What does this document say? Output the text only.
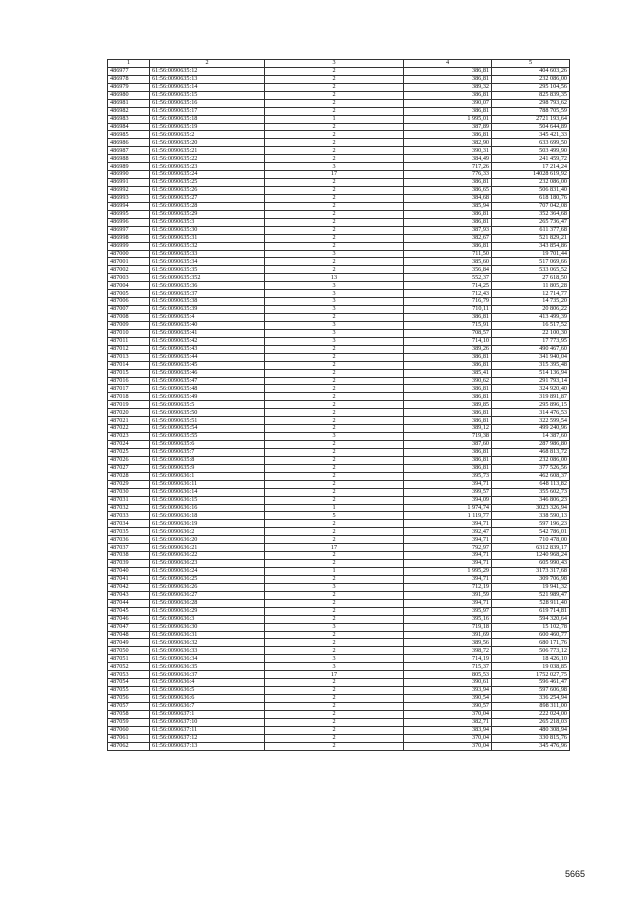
1	2	3	4	5
486977	61:56:0090635:12	2	386,81	404 603,26
486978	61:56:0090635:13	2	386,81	232 086,00
486979	61:56:0090635:14	2	389,32	295 104,56
486980	61:56:0090635:15	2	386,81	825 839,35
486981	61:56:0090635:16	2	390,07	298 793,62
486982	61:56:0090635:17	2	386,81	788 705,59
486983	61:56:0090635:18	1	1 995,01	2721 193,64
486984	61:56:0090635:19	2	387,89	504 644,89
486985	61:56:0090635:2	2	386,81	345 421,33
486986	61:56:0090635:20	2	382,90	633 699,50
486987	61:56:0090635:21	2	390,31	503 499,90
486988	61:56:0090635:22	2	384,49	241 459,72
486989	61:56:0090635:23	3	717,26	17 214,24
486990	61:56:0090635:24	17	776,33	14028 619,92
486991	61:56:0090635:25	2	386,81	232 086,00
486992	61:56:0090635:26	2	386,65	506 831,40
486993	61:56:0090635:27	2	384,68	618 180,76
486994	61:56:0090635:28	2	385,94	707 042,08
486995	61:56:0090635:29	2	386,81	352 364,68
486996	61:56:0090635:3	2	386,81	265 736,47
486997	61:56:0090635:30	2	387,93	611 377,68
486998	61:56:0090635:31	2	382,67	521 829,21
486999	61:56:0090635:32	2	386,81	343 854,86
487000	61:56:0090635:33	3	711,50	19 701,44
487001	61:56:0090635:34	2	385,60	517 069,66
487002	61:56:0090635:35	2	356,84	533 065,52
487003	61:56:0090635:352	13	552,37	27 618,50
487004	61:56:0090635:36	3	714,25	11 805,28
487005	61:56:0090635:37	3	712,43	12 714,77
487006	61:56:0090635:38	3	716,79	14 735,20
487007	61:56:0090635:39	3	710,11	20 806,22
487008	61:56:0090635:4	2	386,81	413 499,39
487009	61:56:0090635:40	3	715,91	16 517,52
487010	61:56:0090635:41	3	708,57	22 100,30
487011	61:56:0090635:42	3	714,10	17 773,95
487012	61:56:0090635:43	2	389,26	490 467,60
487013	61:56:0090635:44	2	386,81	341 940,04
487014	61:56:0090635:45	2	386,81	315 395,48
487015	61:56:0090635:46	2	385,41	514 136,94
487016	61:56:0090635:47	2	390,62	291 793,14
487017	61:56:0090635:48	2	386,81	324 920,40
487018	61:56:0090635:49	2	386,81	319 891,87
487019	61:56:0090635:5	2	389,85	295 896,15
487020	61:56:0090635:50	2	386,81	314 476,53
487021	61:56:0090635:51	2	386,81	322 599,54
487022	61:56:0090635:54	2	389,12	499 240,96
487023	61:56:0090635:55	3	719,38	14 387,60
487024	61:56:0090635:6	2	387,60	287 986,80
487025	61:56:0090635:7	2	386,81	468 813,72
487026	61:56:0090635:8	2	386,81	232 086,00
487027	61:56:0090635:9	2	386,81	377 526,56
487028	61:56:0090636:1	2	395,73	462 608,37
487029	61:56:0090636:11	2	394,71	648 113,82
487030	61:56:0090636:14	2	399,57	355 602,73
487031	61:56:0090636:15	2	394,09	346 806,23
487032	61:56:0090636:16	1	1 974,74	3023 326,94
487033	61:56:0090636:18	5	1 119,77	338 590,13
487034	61:56:0090636:19	2	394,71	597 196,23
487035	61:56:0090636:2	2	392,47	542 786,01
487036	61:56:0090636:20	2	394,71	710 478,00
487037	61:56:0090636:21	17	792,97	6312 839,17
487038	61:56:0090636:22	2	394,71	1240 968,24
487039	61:56:0090636:23	2	394,71	605 990,43
487040	61:56:0090636:24	1	1 995,29	3173 317,68
487041	61:56:0090636:25	2	394,71	309 706,98
487042	61:56:0090636:26	3	712,19	19 941,32
487043	61:56:0090636:27	2	391,59	521 989,47
487044	61:56:0090636:28	2	394,71	528 911,40
487045	61:56:0090636:29	2	395,97	619 714,81
487046	61:56:0090636:3	2	395,16	594 320,64
487047	61:56:0090636:30	3	719,18	15 102,78
487048	61:56:0090636:31	2	391,69	600 460,77
487049	61:56:0090636:32	2	389,56	680 171,76
487050	61:56:0090636:33	2	398,72	506 773,12
487051	61:56:0090636:34	3	714,19	18 426,10
487052	61:56:0090636:35	3	715,37	19 038,85
487053	61:56:0090636:37	17	805,53	1752 027,75
487054	61:56:0090636:4	2	390,61	596 461,47
487055	61:56:0090636:5	2	393,94	597 606,98
487056	61:56:0090636:6	2	390,54	336 254,94
487057	61:56:0090636:7	2	390,57	898 311,00
487058	61:56:0090637:1	2	370,04	222 024,00
487059	61:56:0090637:10	2	382,71	265 218,03
487060	61:56:0090637:11	2	383,94	480 308,94
487061	61:56:0090637:12	2	370,04	330 815,76
487062	61:56:0090637:13	2	370,04	345 476,96
5665
